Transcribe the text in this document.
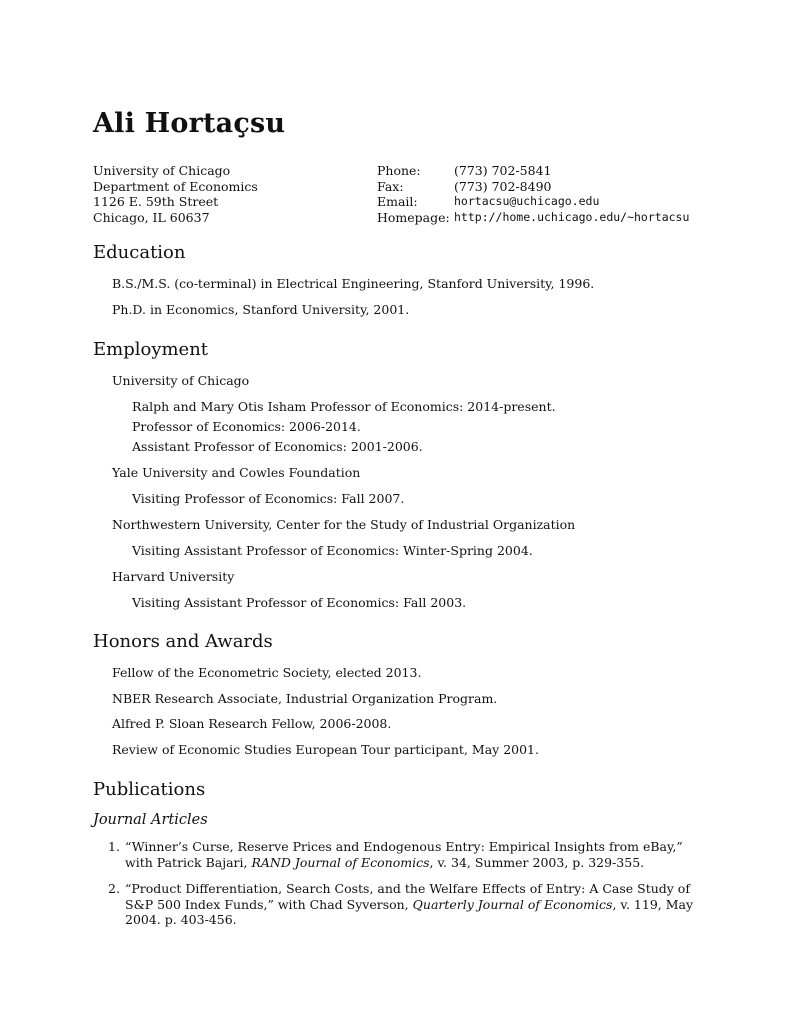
Ali Hortaçsu
University of Chicago
Department of Economics
1126 E. 59th Street
Chicago, IL 60637
Phone:	(773) 702-5841
Fax:	(773) 702-8490
Email:	hortacsu@uchicago.edu
Homepage: http://home.uchicago.edu/∼hortacsu
Education
B.S./M.S. (co-terminal) in Electrical Engineering, Stanford University, 1996.
Ph.D. in Economics, Stanford University, 2001.
Employment
University of Chicago
Ralph and Mary Otis Isham Professor of Economics: 2014-present.
Professor of Economics: 2006-2014.
Assistant Professor of Economics: 2001-2006.
Yale University and Cowles Foundation
Visiting Professor of Economics: Fall 2007.
Northwestern University, Center for the Study of Industrial Organization
Visiting Assistant Professor of Economics: Winter-Spring 2004.
Harvard University
Visiting Assistant Professor of Economics: Fall 2003.
Honors and Awards
Fellow of the Econometric Society, elected 2013.
NBER Research Associate, Industrial Organization Program.
Alfred P. Sloan Research Fellow, 2006-2008.
Review of Economic Studies European Tour participant, May 2001.
Publications
Journal Articles
1. “Winner’s Curse, Reserve Prices and Endogenous Entry: Empirical Insights from eBay,” with Patrick Bajari, RAND Journal of Economics, v. 34, Summer 2003, p. 329-355.
2. “Product Differentiation, Search Costs, and the Welfare Effects of Entry: A Case Study of S&P 500 Index Funds,” with Chad Syverson, Quarterly Journal of Economics, v. 119, May 2004. p. 403-456.
